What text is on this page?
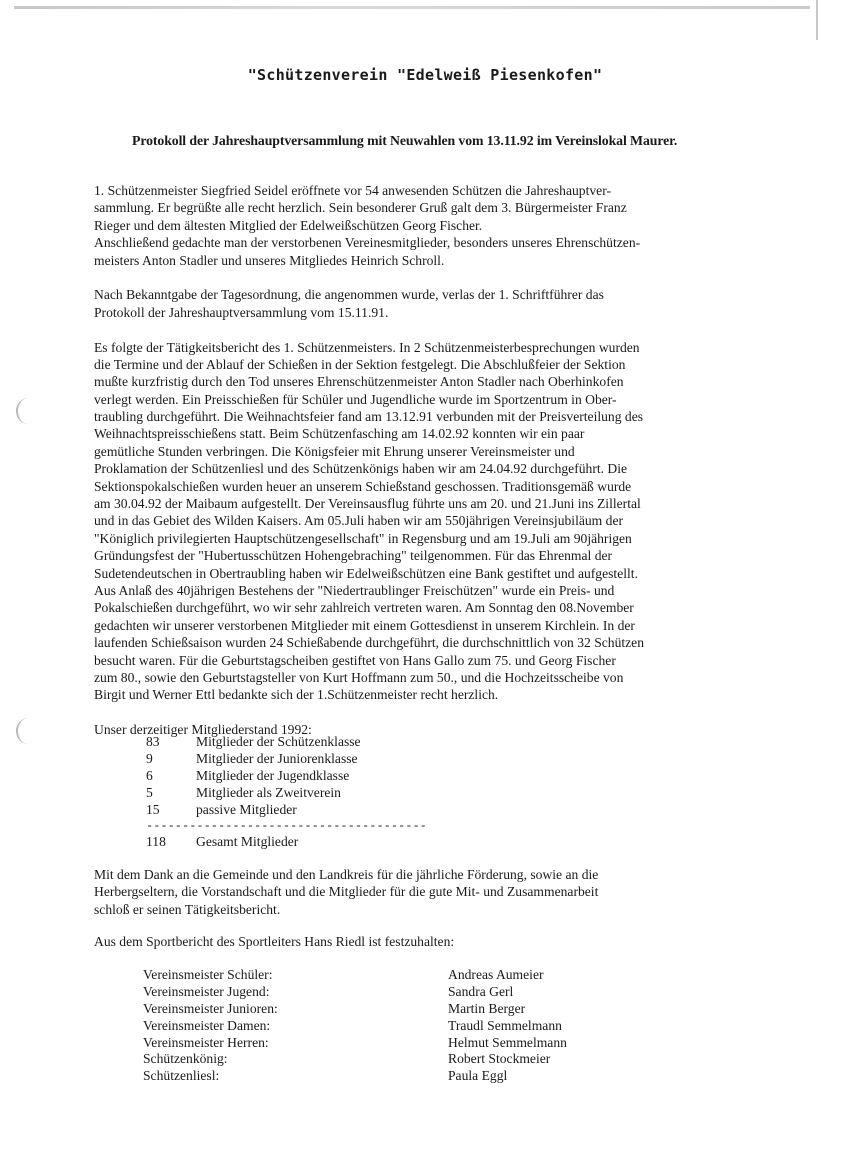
"Schützenverein "Edelweiß Piesenkofen"
Protokoll der Jahreshauptversammlung mit Neuwahlen vom 13.11.92 im Vereinslokal Maurer.
1. Schützenmeister Siegfried Seidel eröffnete vor 54 anwesenden Schützen die Jahreshauptver-
sammlung. Er begrüßte alle recht herzlich. Sein besonderer Gruß galt dem 3. Bürgermeister Franz
Rieger und dem ältesten Mitglied der Edelweißschützen Georg Fischer.
Anschließend gedachte man der verstorbenen Vereinesmitglieder, besonders unseres Ehrenschützen-
meisters Anton Stadler und unseres Mitgliedes Heinrich Schroll.
Nach Bekanntgabe der Tagesordnung, die angenommen wurde, verlas der 1. Schriftführer das
Protokoll der Jahreshauptversammlung vom 15.11.91.
Es folgte der Tätigkeitsbericht des 1. Schützenmeisters. In 2 Schützenmeisterbesprechungen wurden
die Termine und der Ablauf der Schießen in der Sektion festgelegt. Die Abschlußfeier der Sektion
mußte kurzfristig durch den Tod unseres Ehrenschützenmeister Anton Stadler nach Oberhinkofen
verlegt werden. Ein Preisschießen für Schüler und Jugendliche wurde im Sportzentrum in Ober-
traubling durchgeführt. Die Weihnachtsfeier fand am 13.12.91 verbunden mit der Preisverteilung des
Weihnachtspreisschießens statt. Beim Schützenfasching am 14.02.92 konnten wir ein paar
gemütliche Stunden verbringen. Die Königsfeier mit Ehrung unserer Vereinsmeister und
Proklamation der Schützenliesl und des Schützenkönigs haben wir am 24.04.92 durchgeführt. Die
Sektionspokalschießen wurden heuer an unserem Schießstand geschossen. Traditionsgemäß wurde
am 30.04.92 der Maibaum aufgestellt. Der Vereinsausflug führte uns am 20. und 21.Juni ins Zillertal
und in das Gebiet des Wilden Kaisers. Am 05.Juli haben wir am 550jährigen Vereinsjubiläum der
"Königlich privilegierten Hauptschützengesellschaft" in Regensburg und am 19.Juli am 90jährigen
Gründungsfest der "Hubertusschützen Hohengebraching" teilgenommen. Für das Ehrenmal der
Sudetendeutschen in Obertraubling haben wir Edelweißschützen eine Bank gestiftet und aufgestellt.
Aus Anlaß des 40jährigen Bestehens der "Niedertraublinger Freischützen" wurde ein Preis- und
Pokalschießen durchgeführt, wo wir sehr zahlreich vertreten waren. Am Sonntag den 08.November
gedachten wir unserer verstorbenen Mitglieder mit einem Gottesdienst in unserem Kirchlein. In der
laufenden Schießsaison wurden 24 Schießabende durchgeführt, die durchschnittlich von 32 Schützen
besucht waren. Für die Geburtstagscheiben gestiftet von Hans Gallo zum 75. und Georg Fischer
zum 80., sowie den Geburtstagsteller von Kurt Hoffmann zum 50., und die Hochzeitsscheibe von
Birgit und Werner Ettl bedankte sich der 1.Schützenmeister recht herzlich.
Unser derzeitiger Mitgliederstand 1992:
83	Mitglieder der Schützenklasse
9	Mitglieder der Juniorenklasse
6	Mitglieder der Jugendklasse
5	Mitglieder als Zweitverein
15	passive Mitglieder
---------------------------------------
118 Gesamt Mitglieder
Mit dem Dank an die Gemeinde und den Landkreis für die jährliche Förderung, sowie an die
Herbergseltern, die Vorstandschaft und die Mitglieder für die gute Mit- und Zusammenarbeit
schloß er seinen Tätigkeitsbericht.
Aus dem Sportbericht des Sportleiters Hans Riedl ist festzuhalten:
Vereinsmeister Schüler:	Andreas Aumeier
Vereinsmeister Jugend:	Sandra Gerl
Vereinsmeister Junioren:	Martin Berger
Vereinsmeister Damen:	Traudl Semmelmann
Vereinsmeister Herren:	Helmut Semmelmann
Schützenkönig:	Robert Stockmeier
Schützenliesl:	Paula Eggl
